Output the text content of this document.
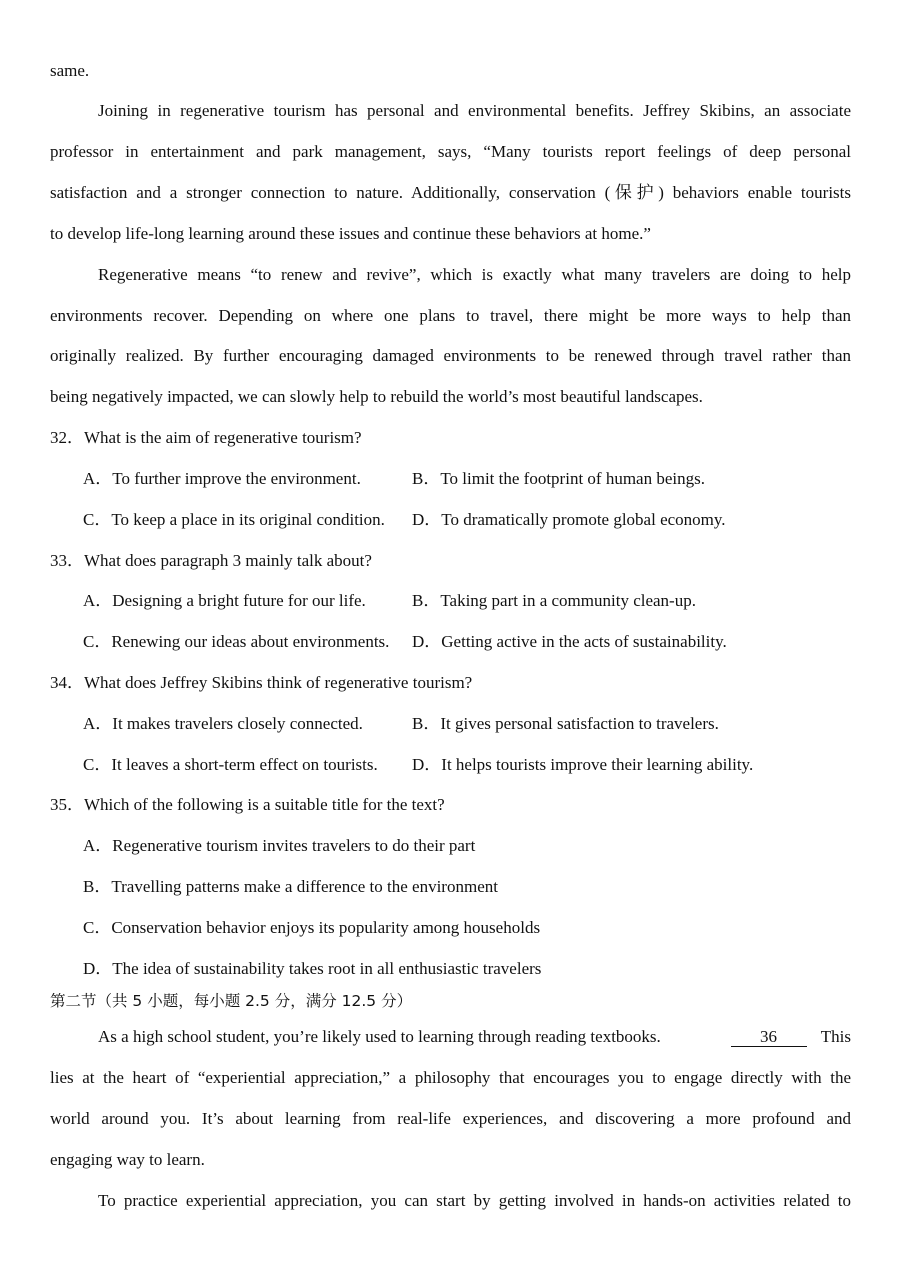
same.
Joining in regenerative tourism has personal and environmental benefits. Jeffrey Skibins, an associate
professor in entertainment and park management, says, “Many tourists report feelings of deep personal
satisfaction and a stronger connection to nature. Additionally, conservation (保护) behaviors enable tourists
to develop life-long learning around these issues and continue these behaviors at home.”
Regenerative means “to renew and revive”, which is exactly what many travelers are doing to help
environments recover. Depending on where one plans to travel, there might be more ways to help than
originally realized. By further encouraging damaged environments to be renewed through travel rather than
being negatively impacted, we can slowly help to rebuild the world’s most beautiful landscapes.
32．What is the aim of regenerative tourism?
A．To further improve the environment.	B．To limit the footprint of human beings.
C．To keep a place in its original condition. D．To dramatically promote global economy.
33．What does paragraph 3 mainly talk about?
A．Designing a bright future for our life.	B．Taking part in a community clean-up.
C．Renewing our ideas about environments. D．Getting active in the acts of sustainability.
34．What does Jeffrey Skibins think of regenerative tourism?
A．It makes travelers closely connected.	B．It gives personal satisfaction to travelers.
C．It leaves a short-term effect on tourists. D．It helps tourists improve their learning ability.
35．Which of the following is a suitable title for the text?
A．Regenerative tourism invites travelers to do their part
B．Travelling patterns make a difference to the environment
C．Conservation behavior enjoys its popularity among households
D．The idea of sustainability takes root in all enthusiastic travelers
第二节（共 5 小题，每小题 2.5 分，满分 12.5 分）
As a high school student, you’re likely used to learning through reading textbooks.	36	This
lies at the heart of “experiential appreciation,” a philosophy that encourages you to engage directly with the
world around you. It’s about learning from real-life experiences, and discovering a more profound and
engaging way to learn.
To practice experiential appreciation, you can start by getting involved in hands-on activities related to
